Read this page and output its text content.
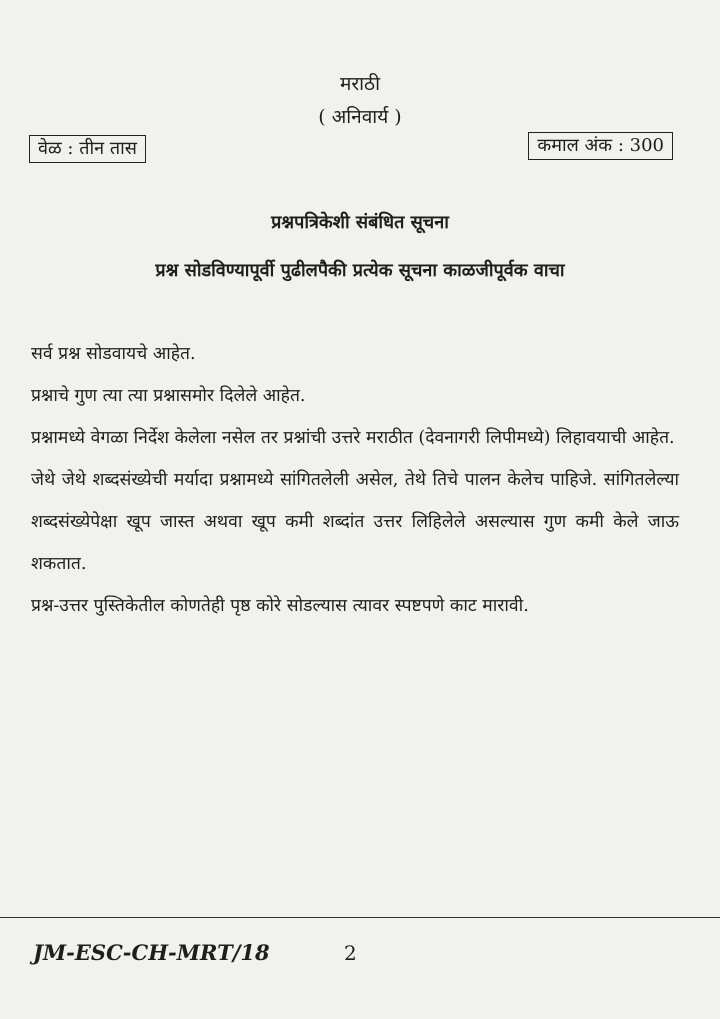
मराठी
( अनिवार्य )
वेळ : तीन तास	कमाल अंक : 300
प्रश्नपत्रिकेशी संबंधित सूचना
प्रश्न सोडविण्यापूर्वी पुढीलपैकी प्रत्येक सूचना काळजीपूर्वक वाचा

सर्व प्रश्न सोडवायचे आहेत.

प्रश्नाचे गुण त्या त्या प्रश्नासमोर दिलेले आहेत.

प्रश्नामध्ये वेगळा निर्देश केलेला नसेल तर प्रश्नांची उत्तरे मराठीत (देवनागरी लिपीमध्ये) लिहावयाची आहेत.

जेथे जेथे शब्दसंख्येची मर्यादा प्रश्नामध्ये सांगितलेली असेल, तेथे तिचे पालन केलेच पाहिजे. सांगितलेल्या शब्दसंख्येपेक्षा खूप जास्त अथवा खूप कमी शब्दांत उत्तर लिहिलेले असल्यास गुण कमी केले जाऊ शकतात.

प्रश्न-उत्तर पुस्तिकेतील कोणतेही पृष्ठ कोरे सोडल्यास त्यावर स्पष्टपणे काट मारावी.

JM-ESC-CH-MRT/18	2
